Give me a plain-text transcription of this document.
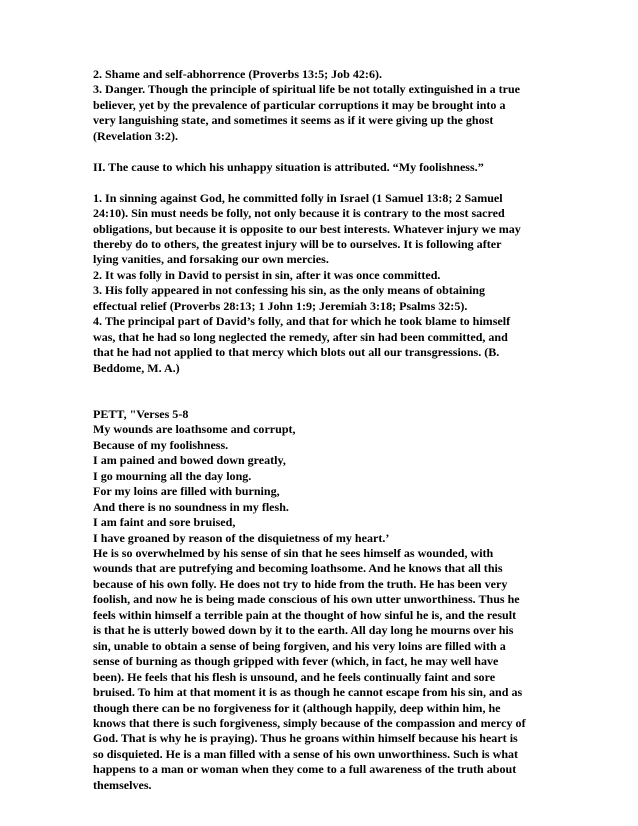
2. Shame and self-abhorrence (Proverbs 13:5; Job 42:6).
3. Danger. Though the principle of spiritual life be not totally extinguished in a true
believer, yet by the prevalence of particular corruptions it may be brought into a
very languishing state, and sometimes it seems as if it were giving up the ghost
(Revelation 3:2).
II. The cause to which his unhappy situation is attributed. “My foolishness.”
1. In sinning against God, he committed folly in Israel (1 Samuel 13:8; 2 Samuel
24:10). Sin must needs be folly, not only because it is contrary to the most sacred
obligations, but because it is opposite to our best interests. Whatever injury we may
thereby do to others, the greatest injury will be to ourselves. It is following after
lying vanities, and forsaking our own mercies.
2. It was folly in David to persist in sin, after it was once committed.
3. His folly appeared in not confessing his sin, as the only means of obtaining
effectual relief (Proverbs 28:13; 1 John 1:9; Jeremiah 3:18; Psalms 32:5).
4. The principal part of David’s folly, and that for which he took blame to himself
was, that he had so long neglected the remedy, after sin had been committed, and
that he had not applied to that mercy which blots out all our transgressions. (B.
Beddome, M. A.)
PETT, "Verses 5-8
My wounds are loathsome and corrupt,
Because of my foolishness.
I am pained and bowed down greatly,
I go mourning all the day long.
For my loins are filled with burning,
And there is no soundness in my flesh.
I am faint and sore bruised,
I have groaned by reason of the disquietness of my heart.’
He is so overwhelmed by his sense of sin that he sees himself as wounded, with
wounds that are putrefying and becoming loathsome. And he knows that all this
because of his own folly. He does not try to hide from the truth. He has been very
foolish, and now he is being made conscious of his own utter unworthiness. Thus he
feels within himself a terrible pain at the thought of how sinful he is, and the result
is that he is utterly bowed down by it to the earth. All day long he mourns over his
sin, unable to obtain a sense of being forgiven, and his very loins are filled with a
sense of burning as though gripped with fever (which, in fact, he may well have
been). He feels that his flesh is unsound, and he feels continually faint and sore
bruised. To him at that moment it is as though he cannot escape from his sin, and as
though there can be no forgiveness for it (although happily, deep within him, he
knows that there is such forgiveness, simply because of the compassion and mercy of
God. That is why he is praying). Thus he groans within himself because his heart is
so disquieted. He is a man filled with a sense of his own unworthiness. Such is what
happens to a man or woman when they come to a full awareness of the truth about
themselves.
